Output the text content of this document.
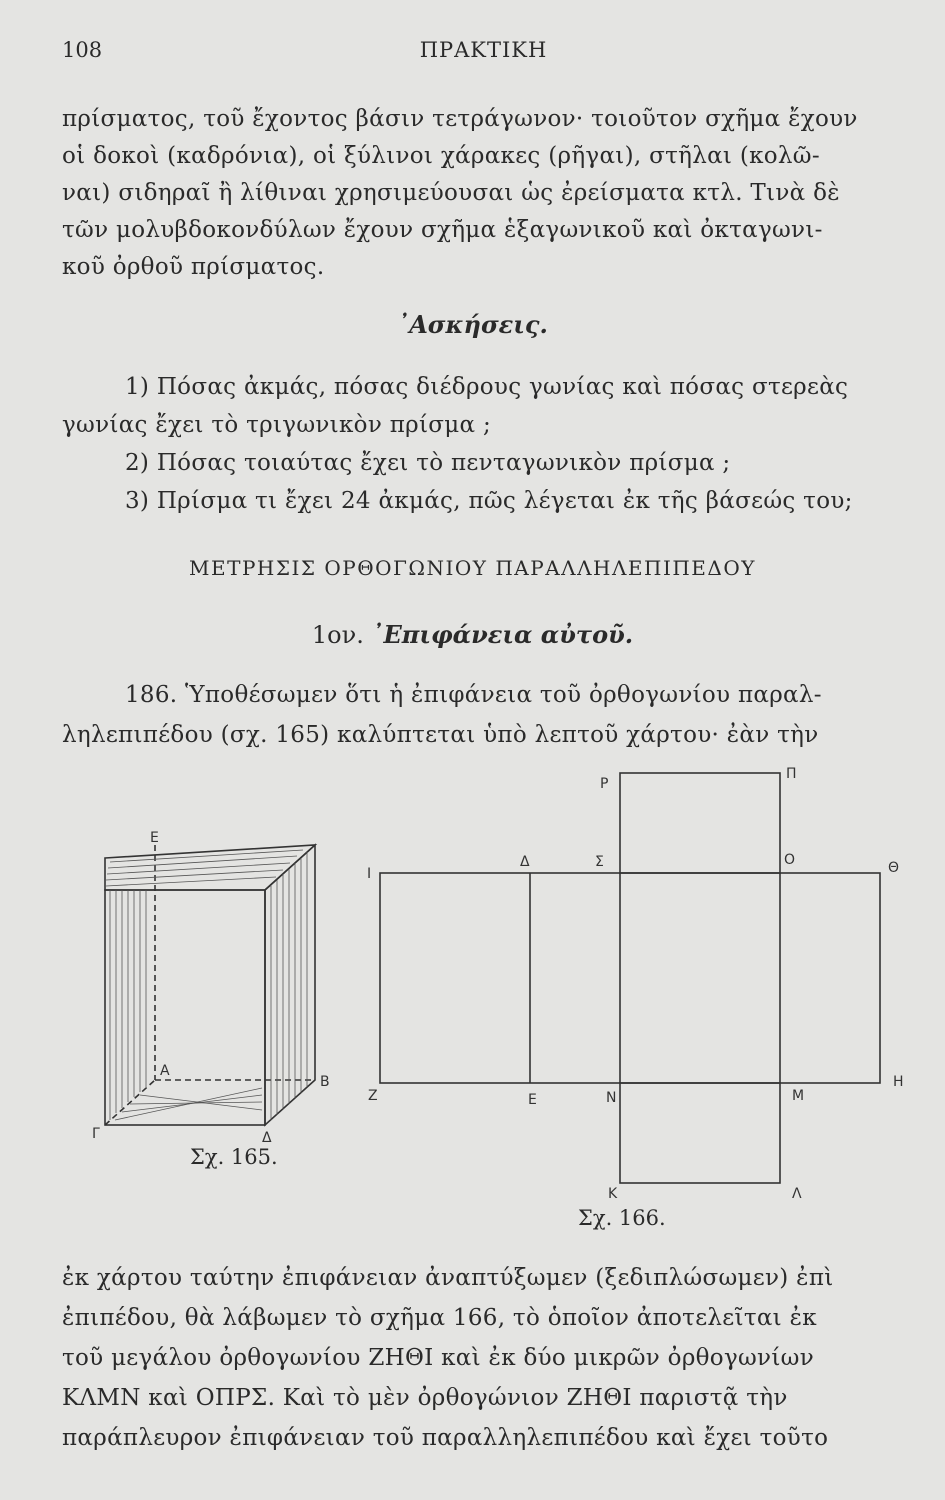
108	ΠΡΑΚΤΙΚΗ
πρίσματος, τοῦ ἔχοντος βάσιν τετράγωνον· τοιοῦτον σχῆμα ἔχουν
οἱ δοκοὶ (καδρόνια), οἱ ξύλινοι χάρακες (ρῆγαι), στῆλαι (κολῶ-
ναι) σιδηραῖ ἢ λίθιναι χρησιμεύουσαι ὡς ἐρείσματα κτλ. Τινὰ δὲ
τῶν μολυβδοκονδύλων ἔχουν σχῆμα ἑξαγωνικοῦ καὶ ὀκταγωνι-
κοῦ ὀρθοῦ πρίσματος.
᾿Ασκήσεις.
1) Πόσας ἀκμάς, πόσας διέδρους γωνίας καὶ πόσας στερεὰς
γωνίας ἔχει τὸ τριγωνικὸν πρίσμα ;
2) Πόσας τοιαύτας ἔχει τὸ πενταγωνικὸν πρίσμα ;
3) Πρίσμα τι ἔχει 24 ἀκμάς, πῶς λέγεται ἐκ τῆς βάσεώς του;
ΜΕΤΡΗΣΙΣ ΟΡΘΟΓΩΝΙΟΥ ΠΑΡΑΛΛΗΛΕΠΙΠΕΔΟΥ
1ον. ᾿Επιφάνεια αὐτοῦ.
186. Ὑποθέσωμεν ὅτι ἡ ἐπιφάνεια τοῦ ὀρθογωνίου παραλ-
ληλεπιπέδου (σχ. 165) καλύπτεται ὑπὸ λεπτοῦ χάρτου· ἐὰν τὴν
E
A
B
Γ	Δ
P
Π
I
Δ	Σ	O	Θ
Z	E	N	M
H
K	Λ
Σχ. 165.
Σχ. 166.
ἐκ χάρτου ταύτην ἐπιφάνειαν ἀναπτύξωμεν (ξεδιπλώσωμεν) ἐπὶ
ἐπιπέδου, θὰ λάβωμεν τὸ σχῆμα 166, τὸ ὁποῖον ἀποτελεῖται ἐκ
τοῦ μεγάλου ὀρθογωνίου ΖΗΘΙ καὶ ἐκ δύο μικρῶν ὀρθογωνίων
ΚΛΜΝ καὶ ΟΠΡΣ. Καὶ τὸ μὲν ὀρθογώνιον ΖΗΘΙ παριστᾷ τὴν
παράπλευρον ἐπιφάνειαν τοῦ παραλληλεπιπέδου καὶ ἔχει τοῦτο
